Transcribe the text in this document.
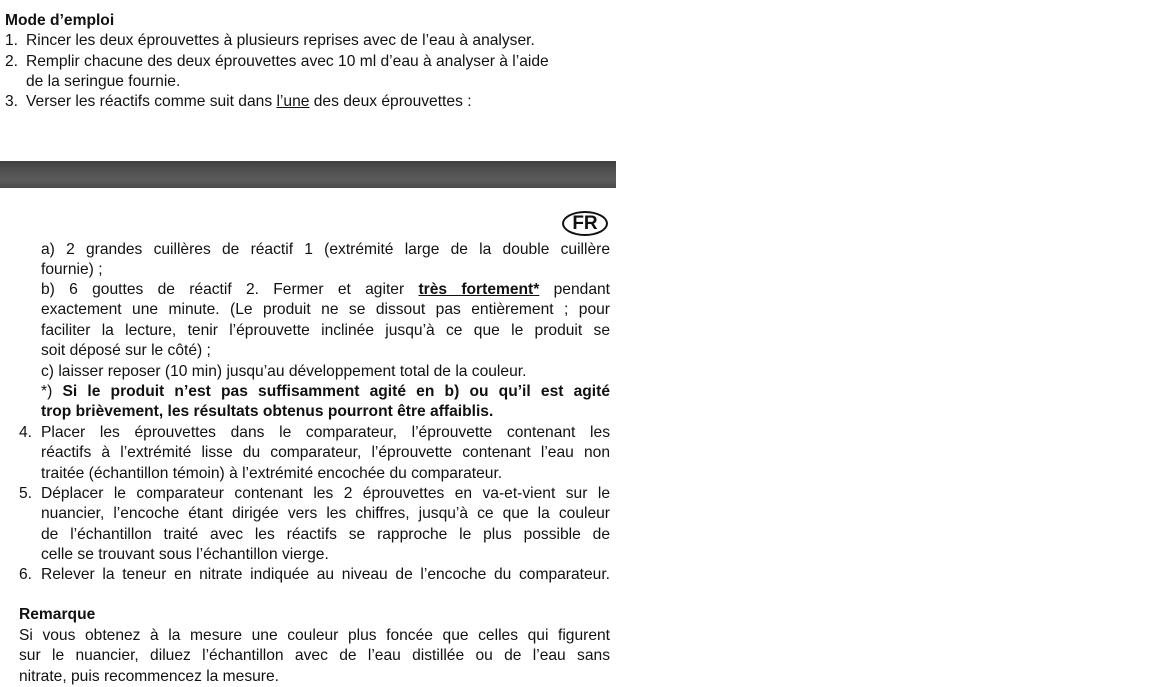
Mode d’emploi
1. Rincer les deux éprouvettes à plusieurs reprises avec de l’eau à analyser.
2. Remplir chacune des deux éprouvettes avec 10 ml d’eau à analyser à l’aide
de la seringue fournie.
3. Verser les réactifs comme suit dans l’une des deux éprouvettes :
FR
a) 2 grandes cuillères de réactif 1 (extrémité large de la double cuillère
fournie) ;
b) 6 gouttes de réactif 2. Fermer et agiter très fortement* pendant
exactement une minute. (Le produit ne se dissout pas entièrement ; pour
faciliter la lecture, tenir l’éprouvette inclinée jusqu’à ce que le produit se
soit déposé sur le côté) ;
c) laisser reposer (10 min) jusqu’au développement total de la couleur.
*) Si le produit n’est pas suffisamment agité en b) ou qu’il est agité
trop brièvement, les résultats obtenus pourront être affaiblis.
4. Placer les éprouvettes dans le comparateur, l’éprouvette contenant les
réactifs à l’extrémité lisse du comparateur, l’éprouvette contenant l’eau non
traitée (échantillon témoin) à l’extrémité encochée du comparateur.
5. Déplacer le comparateur contenant les 2 éprouvettes en va-et-vient sur le
nuancier, l’encoche étant dirigée vers les chiffres, jusqu’à ce que la couleur
de l’échantillon traité avec les réactifs se rapproche le plus possible de
celle se trouvant sous l’échantillon vierge.
6. Relever la teneur en nitrate indiquée au niveau de l’encoche du comparateur.
Remarque
Si vous obtenez à la mesure une couleur plus foncée que celles qui figurent
sur le nuancier, diluez l’échantillon avec de l’eau distillée ou de l’eau sans
nitrate, puis recommencez la mesure.
